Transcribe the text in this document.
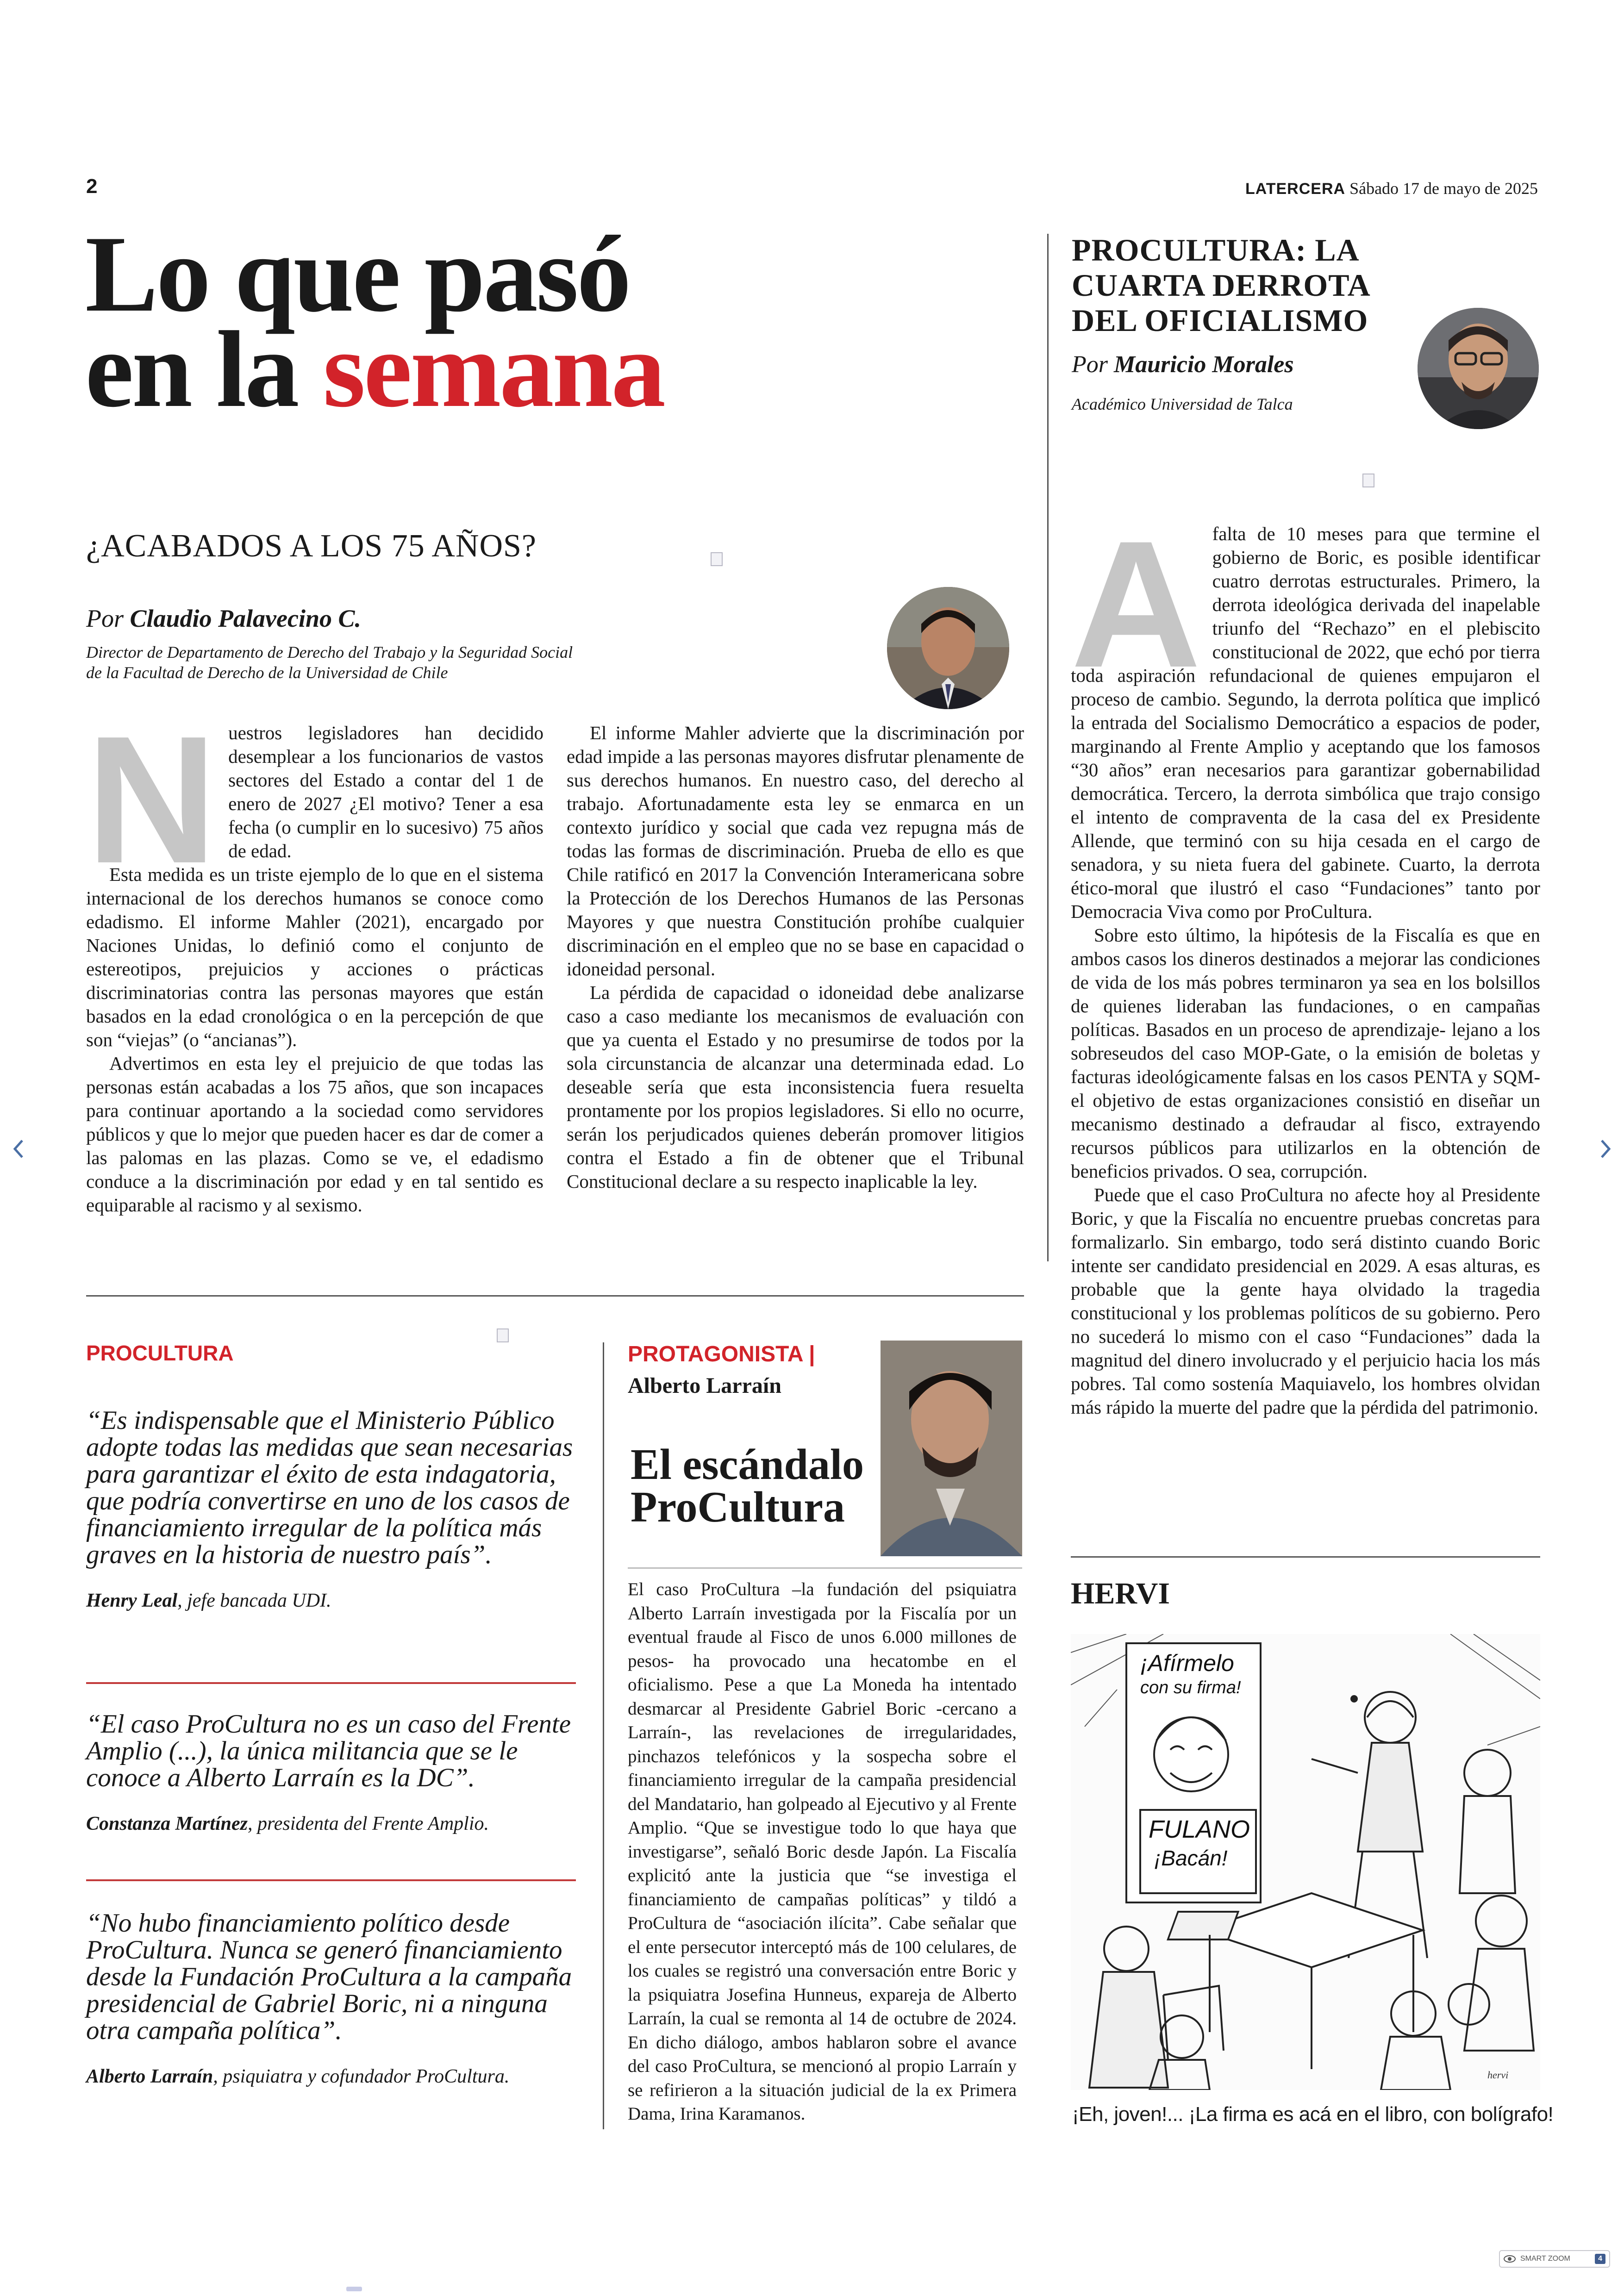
2	LATERCERA Sábado 17 de mayo de 2025
Lo que pasó
en la semana
PROCULTURA: LA
CUARTA DERROTA
DEL OFICIALISMO
Por Mauricio Morales
Académico Universidad de Talca
A falta de 10 meses para que termine el gobierno de Boric, es posible identificar cuatro derrotas estructurales. Primero, la derrota ideológica derivada del inapelable triunfo del “Rechazo” en el plebiscito constitucional de 2022, que echó por tierra toda aspiración refundacional de quienes empujaron el proceso de cambio. Segundo, la derrota política que implicó la entrada del Socialismo Democrático a espacios de poder, marginando al Frente Amplio y aceptando que los famosos “30 años” eran necesarios para garantizar gobernabilidad democrática. Tercero, la derrota simbólica que trajo consigo el intento de compraventa de la casa del ex Presidente Allende, que terminó con su hija cesada en el cargo de senadora, y su nieta fuera del gabinete. Cuarto, la derrota ético-moral que ilustró el caso “Fundaciones” tanto por Democracia Viva como por ProCultura.

Sobre esto último, la hipótesis de la Fiscalía es que en ambos casos los dineros destinados a mejorar las condiciones de vida de los más pobres terminaron ya sea en los bolsillos de quienes lideraban las fundaciones, o en campañas políticas. Basados en un proceso de aprendizaje- lejano a los sobreseudos del caso MOP-Gate, o la emisión de boletas y facturas ideológicamente falsas en los casos PENTA y SQM- el objetivo de estas organizaciones consistió en diseñar un mecanismo destinado a defraudar al fisco, extrayendo recursos públicos para utilizarlos en la obtención de beneficios privados. O sea, corrupción.

Puede que el caso ProCultura no afecte hoy al Presidente Boric, y que la Fiscalía no encuentre pruebas concretas para formalizarlo. Sin embargo, todo será distinto cuando Boric intente ser candidato presidencial en 2029. A esas alturas, es probable que la gente haya olvidado la tragedia constitucional y los problemas políticos de su gobierno. Pero no sucederá lo mismo con el caso “Fundaciones” dada la magnitud del dinero involucrado y el perjuicio hacia los más pobres. Tal como sostenía Maquiavelo, los hombres olvidan más rápido la muerte del padre que la pérdida del patrimonio.

¿ACABADOS A LOS 75 AÑOS?
Por Claudio Palavecino C.
Director de Departamento de Derecho del Trabajo y la Seguridad Social
de la Facultad de Derecho de la Universidad de Chile
N uestros legisladores han decidido desemplear a los funcionarios de vastos sectores del Estado a contar del 1 de enero de 2027 ¿El motivo? Tener a esa fecha (o cumplir en lo sucesivo) 75 años de edad.

Esta medida es un triste ejemplo de lo que en el sistema internacional de los derechos humanos se conoce como edadismo. El informe Mahler (2021), encargado por Naciones Unidas, lo definió como el conjunto de estereotipos, prejuicios y acciones o prácticas discriminatorias contra las personas mayores que están basados en la edad cronológica o en la percepción de que son “viejas” (o “ancianas”).

Advertimos en esta ley el prejuicio de que todas las personas están acabadas a los 75 años, que son incapaces para continuar aportando a la sociedad como servidores públicos y que lo mejor que pueden hacer es dar de comer a las palomas en las plazas. Como se ve, el edadismo conduce a la discriminación por edad y en tal sentido es equiparable al racismo y al sexismo.

El informe Mahler advierte que la discriminación por edad impide a las personas mayores disfrutar plenamente de sus derechos humanos. En nuestro caso, del derecho al trabajo. Afortunadamente esta ley se enmarca en un contexto jurídico y social que cada vez repugna más de todas las formas de discriminación. Prueba de ello es que Chile ratificó en 2017 la Convención Interamericana sobre la Protección de los Derechos Humanos de las Personas Mayores y que nuestra Constitución prohíbe cualquier discriminación en el empleo que no se base en capacidad o idoneidad personal.

La pérdida de capacidad o idoneidad debe analizarse caso a caso mediante los mecanismos de evaluación con que ya cuenta el Estado y no presumirse de todos por la sola circunstancia de alcanzar una determinada edad. Lo deseable sería que esta inconsistencia fuera resuelta prontamente por los propios legisladores. Si ello no ocurre, serán los perjudicados quienes deberán promover litigios contra el Estado a fin de obtener que el Tribunal Constitucional declare a su respecto inaplicable la ley.

PROCULTURA

“Es indispensable que el Ministerio Público adopte todas las medidas que sean necesarias para garantizar el éxito de esta indagatoria, que podría convertirse en uno de los casos de financiamiento irregular de la política más graves en la historia de nuestro país”.

Henry Leal, jefe bancada UDI.

“El caso ProCultura no es un caso del Frente Amplio (...), la única militancia que se le conoce a Alberto Larraín es la DC”.

Constanza Martínez, presidenta del Frente Amplio.

“No hubo financiamiento político desde ProCultura. Nunca se generó financiamiento desde la Fundación ProCultura a la campaña presidencial de Gabriel Boric, ni a ninguna otra campaña política”.

Alberto Larraín, psiquiatra y cofundador ProCultura.

PROTAGONISTA |
Alberto Larraín
El escándalo
ProCultura

El caso ProCultura –la fundación del psiquiatra Alberto Larraín investigada por la Fiscalía por un eventual fraude al Fisco de unos 6.000 millones de pesos- ha provocado una hecatombe en el oficialismo. Pese a que La Moneda ha intentado desmarcar al Presidente Gabriel Boric -cercano a Larraín-, las revelaciones de irregularidades, pinchazos telefónicos y la sospecha sobre el financiamiento irregular de la campaña presidencial del Mandatario, han golpeado al Ejecutivo y al Frente Amplio. “Que se investigue todo lo que haya que investigarse”, señaló Boric desde Japón. La Fiscalía explicitó ante la justicia que “se investiga el financiamiento de campañas políticas” y tildó a ProCultura de “asociación ilícita”. Cabe señalar que el ente persecutor interceptó más de 100 celulares, de los cuales se registró una conversación entre Boric y la psiquiatra Josefina Hunneus, expareja de Alberto Larraín, la cual se remonta al 14 de octubre de 2024. En dicho diálogo, ambos hablaron sobre el avance del caso ProCultura, se mencionó al propio Larraín y se refirieron a la situación judicial de la ex Primera Dama, Irina Karamanos.

HERVI
¡Afírmelo
con su firma!
FULANO
¡Bacán!
hervi
¡Eh, joven!... ¡La firma es acá en el libro, con bolígrafo!
SMART ZOOM	4
